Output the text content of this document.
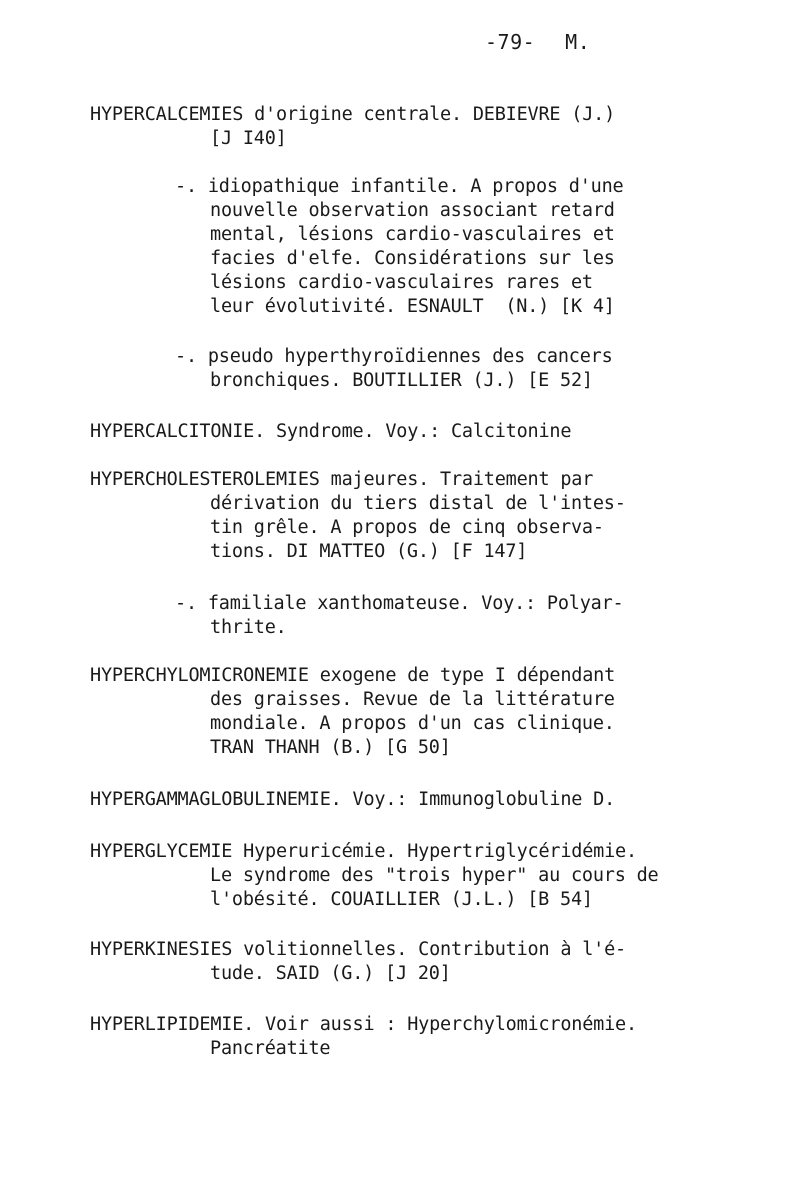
-79- M.
HYPERCALCEMIES d'origine centrale. DEBIEVRE (J.)
[J I40]
-. idiopathique infantile. A propos d'une
nouvelle observation associant retard
mental, lésions cardio-vasculaires et
facies d'elfe. Considérations sur les
lésions cardio-vasculaires rares et
leur évolutivité. ESNAULT  (N.) [K 4]
-. pseudo hyperthyroïdiennes des cancers
bronchiques. BOUTILLIER (J.) [E 52]
HYPERCALCITONIE. Syndrome. Voy.: Calcitonine
HYPERCHOLESTEROLEMIES majeures. Traitement par
dérivation du tiers distal de l'intes-
tin grêle. A propos de cinq observa-
tions. DI MATTEO (G.) [F 147]
-. familiale xanthomateuse. Voy.: Polyar-
thrite.
HYPERCHYLOMICRONEMIE exogene de type I dépendant
des graisses. Revue de la littérature
mondiale. A propos d'un cas clinique.
TRAN THANH (B.) [G 50]
HYPERGAMMAGLOBULINEMIE. Voy.: Immunoglobuline D.
HYPERGLYCEMIE Hyperuricémie. Hypertriglycéridémie.
Le syndrome des "trois hyper" au cours de
l'obésité. COUAILLIER (J.L.) [B 54]
HYPERKINESIES volitionnelles. Contribution à l'é-
tude. SAID (G.) [J 20]
HYPERLIPIDEMIE. Voir aussi : Hyperchylomicronémie.
Pancréatite
